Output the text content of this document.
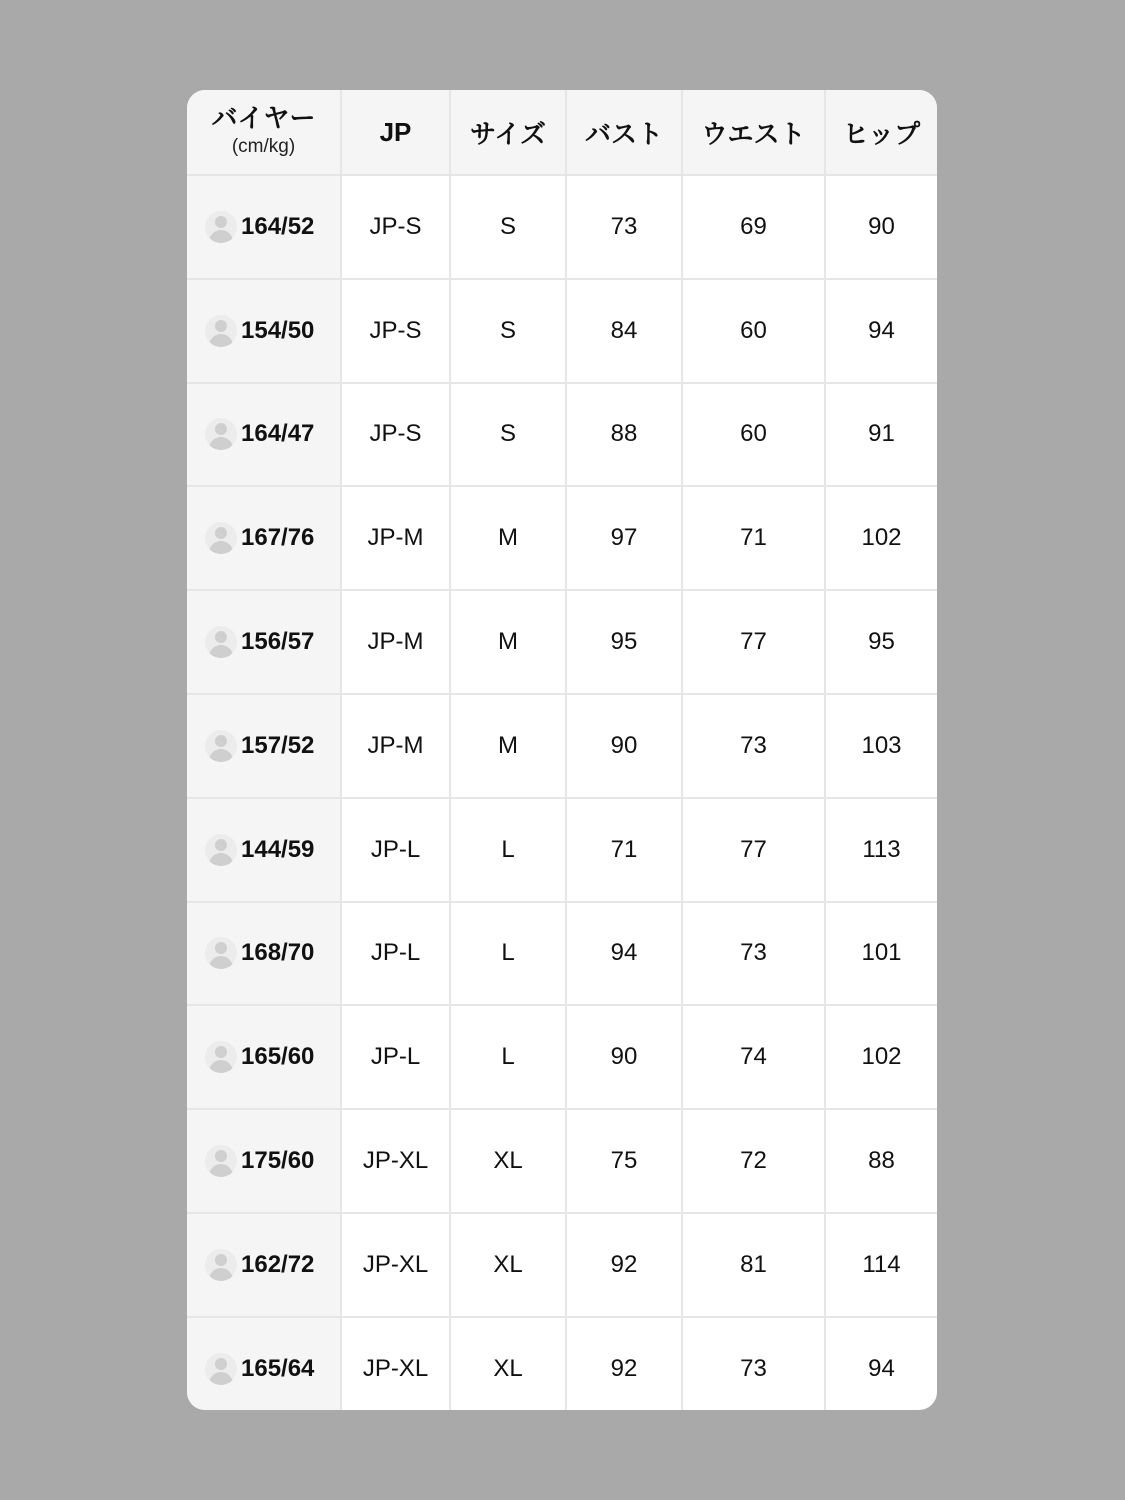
バイヤー
(cm/kg)	JP	サイズ	バスト	ウエスト	ヒップ

164/52	JP-S	S	73	69	90

154/50	JP-S	S	84	60	94

164/47	JP-S	S	88	60	91

167/76	JP-M	M	97	71	102

156/57	JP-M	M	95	77	95

157/52	JP-M	M	90	73	103

144/59	JP-L	L	71	77	113

168/70	JP-L	L	94	73	101

165/60	JP-L	L	90	74	102

175/60	JP-XL	XL	75	72	88

162/72	JP-XL	XL	92	81	114

165/64	JP-XL	XL	92	73	94
